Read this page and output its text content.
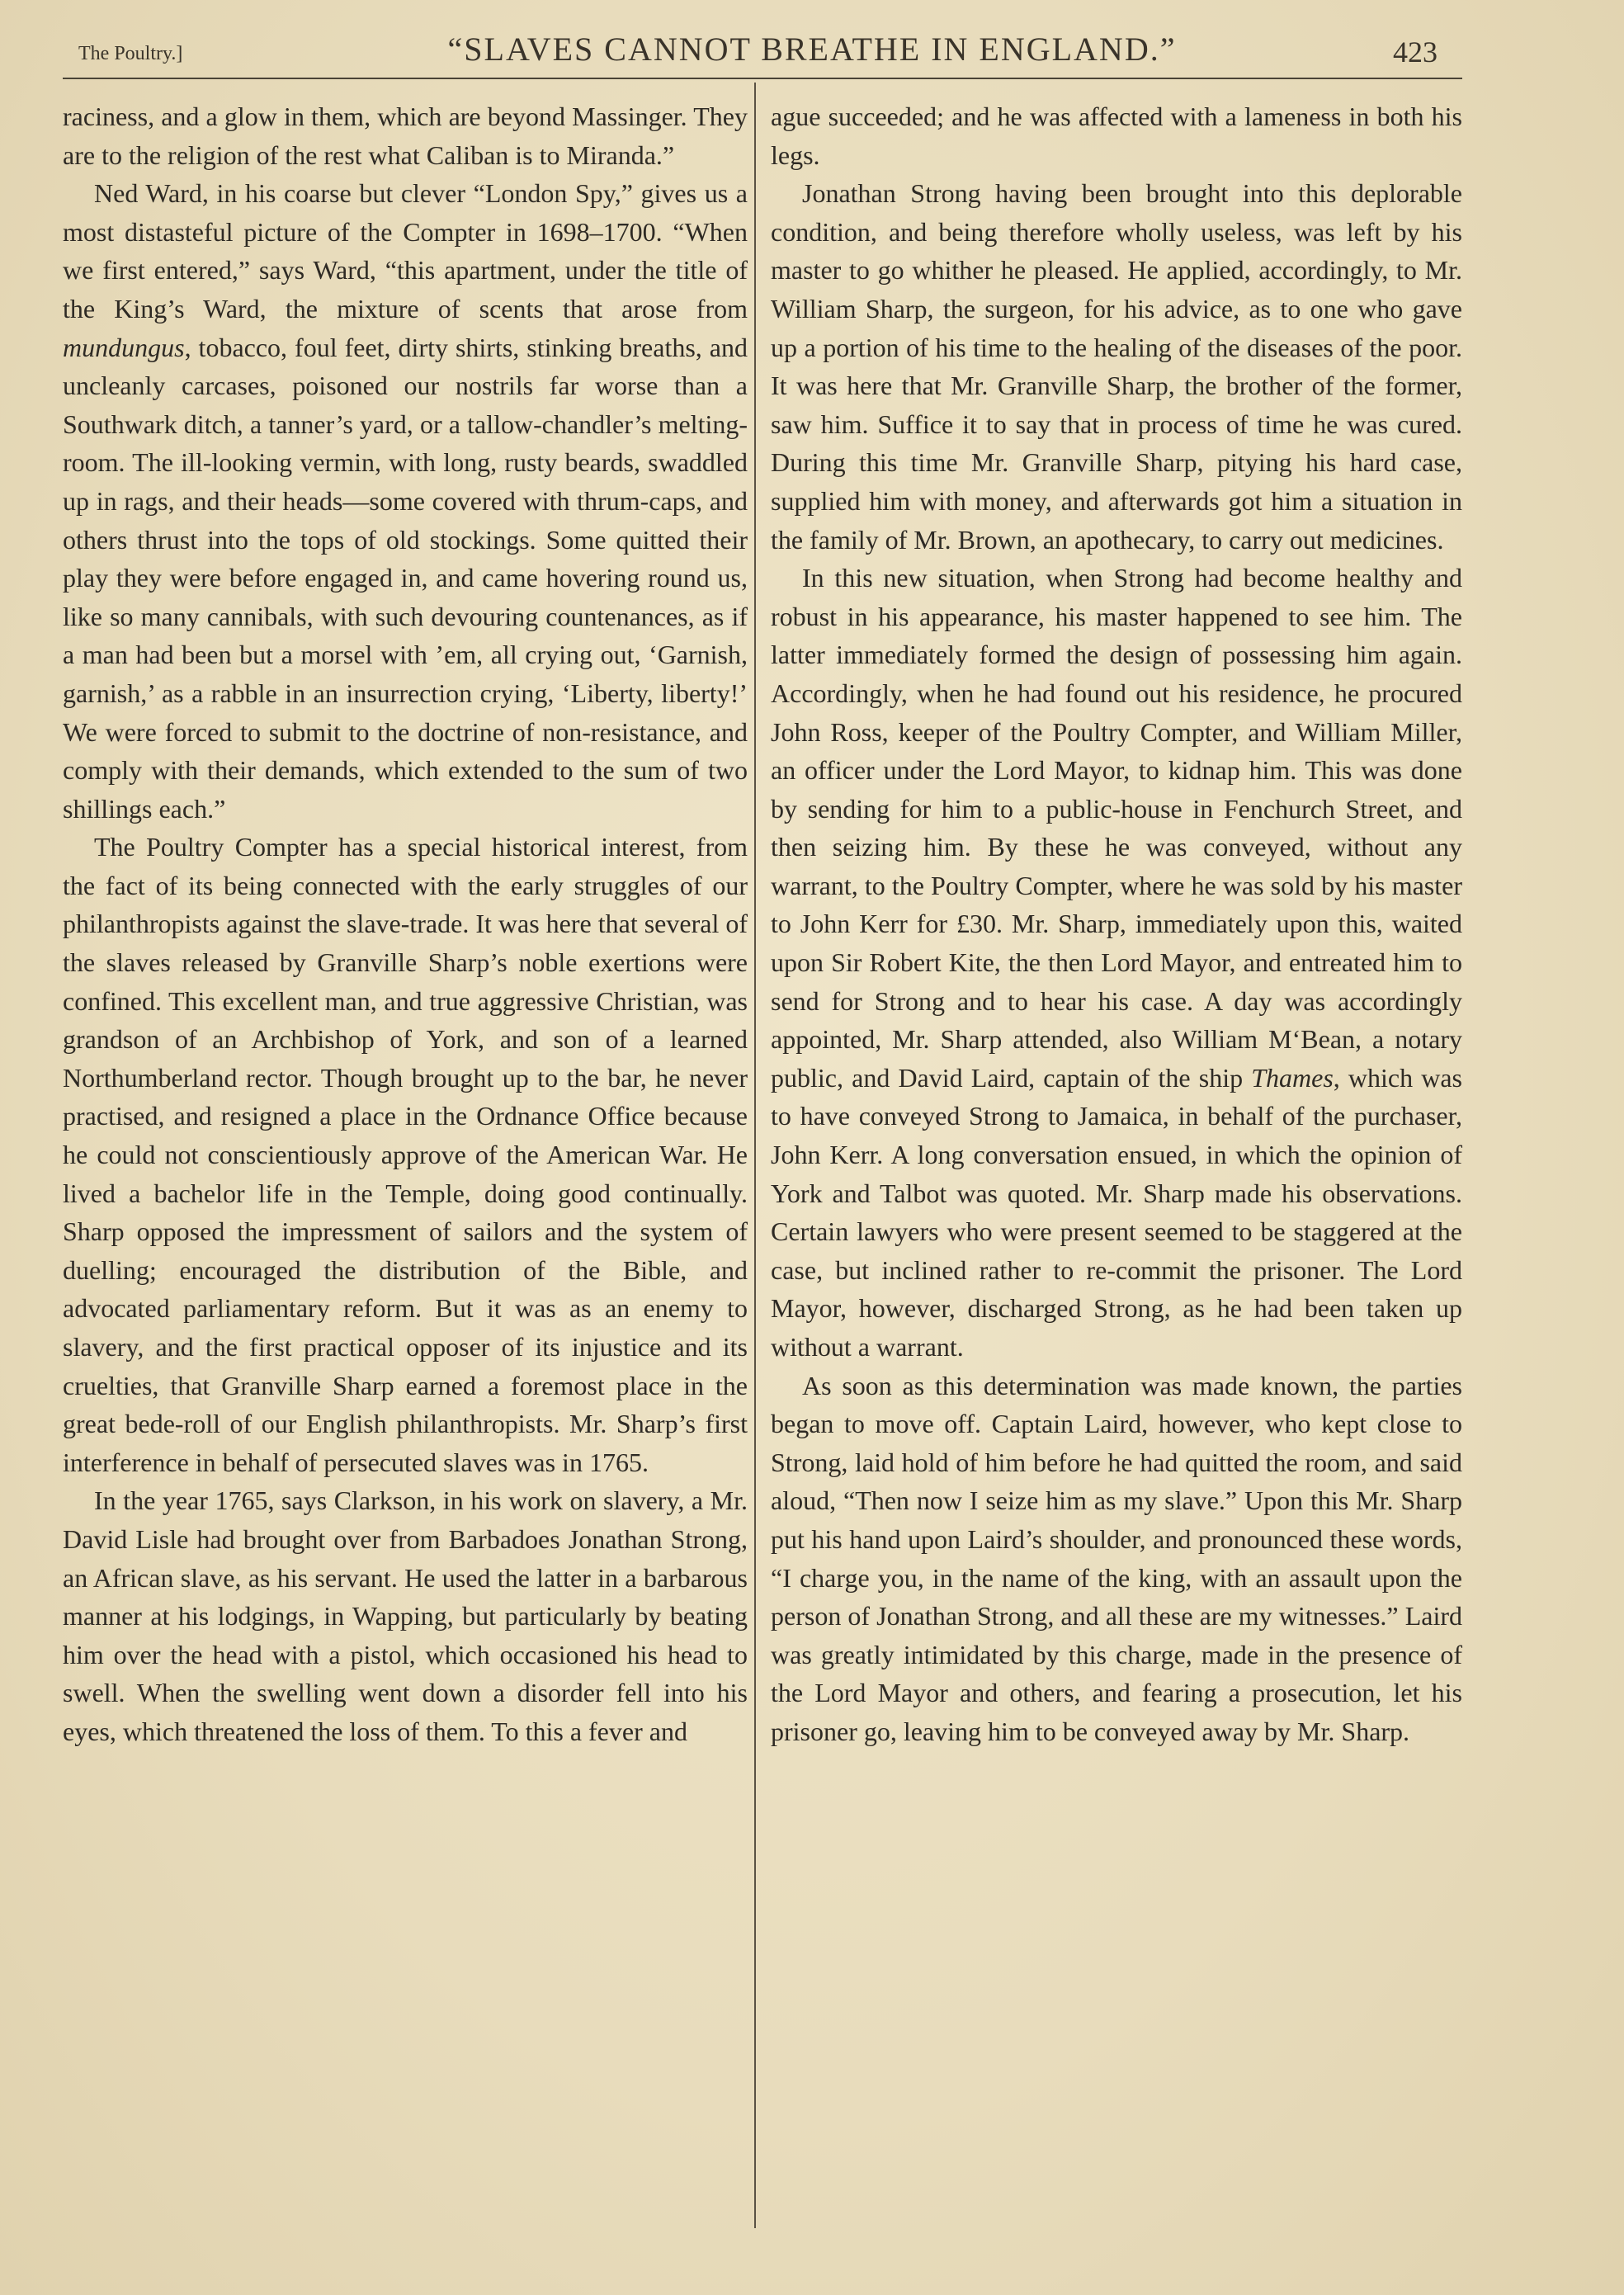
The Poultry.]	“SLAVES CANNOT BREATHE IN ENGLAND.”	423

raciness, and a glow in them, which are beyond Massinger. They are to the religion of the rest what Caliban is to Miranda.”

Ned Ward, in his coarse but clever “London Spy,” gives us a most distasteful picture of the Compter in 1698–1700. “When we first entered,” says Ward, “this apartment, under the title of the King’s Ward, the mixture of scents that arose from mundungus, tobacco, foul feet, dirty shirts, stinking breaths, and uncleanly carcases, poisoned our nostrils far worse than a Southwark ditch, a tanner’s yard, or a tallow-chandler’s melting-room. The ill-looking vermin, with long, rusty beards, swaddled up in rags, and their heads—some covered with thrum-caps, and others thrust into the tops of old stockings. Some quitted their play they were before engaged in, and came hovering round us, like so many cannibals, with such devouring countenances, as if a man had been but a morsel with ’em, all crying out, ‘Garnish, garnish,’ as a rabble in an insurrection crying, ‘Liberty, liberty!’ We were forced to submit to the doctrine of non-resistance, and comply with their demands, which extended to the sum of two shillings each.”

The Poultry Compter has a special historical interest, from the fact of its being connected with the early struggles of our philanthropists against the slave-trade. It was here that several of the slaves released by Granville Sharp’s noble exertions were confined. This excellent man, and true aggressive Christian, was grandson of an Archbishop of York, and son of a learned Northumberland rector. Though brought up to the bar, he never practised, and resigned a place in the Ordnance Office because he could not conscientiously approve of the American War. He lived a bachelor life in the Temple, doing good continually. Sharp opposed the impressment of sailors and the system of duelling; encouraged the distribution of the Bible, and advocated parliamentary reform. But it was as an enemy to slavery, and the first practical opposer of its injustice and its cruelties, that Granville Sharp earned a foremost place in the great bede-roll of our English philanthropists. Mr. Sharp’s first interference in behalf of persecuted slaves was in 1765.

In the year 1765, says Clarkson, in his work on slavery, a Mr. David Lisle had brought over from Barbadoes Jonathan Strong, an African slave, as his servant. He used the latter in a barbarous manner at his lodgings, in Wapping, but particularly by beating him over the head with a pistol, which occasioned his head to swell. When the swelling went down a disorder fell into his eyes, which threatened the loss of them. To this a fever and

ague succeeded; and he was affected with a lameness in both his legs.

Jonathan Strong having been brought into this deplorable condition, and being therefore wholly useless, was left by his master to go whither he pleased. He applied, accordingly, to Mr. William Sharp, the surgeon, for his advice, as to one who gave up a portion of his time to the healing of the diseases of the poor. It was here that Mr. Granville Sharp, the brother of the former, saw him. Suffice it to say that in process of time he was cured. During this time Mr. Granville Sharp, pitying his hard case, supplied him with money, and afterwards got him a situation in the family of Mr. Brown, an apothecary, to carry out medicines.

In this new situation, when Strong had become healthy and robust in his appearance, his master happened to see him. The latter immediately formed the design of possessing him again. Accordingly, when he had found out his residence, he procured John Ross, keeper of the Poultry Compter, and William Miller, an officer under the Lord Mayor, to kidnap him. This was done by sending for him to a public-house in Fenchurch Street, and then seizing him. By these he was conveyed, without any warrant, to the Poultry Compter, where he was sold by his master to John Kerr for £30. Mr. Sharp, immediately upon this, waited upon Sir Robert Kite, the then Lord Mayor, and entreated him to send for Strong and to hear his case. A day was accordingly appointed, Mr. Sharp attended, also William M‘Bean, a notary public, and David Laird, captain of the ship Thames, which was to have conveyed Strong to Jamaica, in behalf of the purchaser, John Kerr. A long conversation ensued, in which the opinion of York and Talbot was quoted. Mr. Sharp made his observations. Certain lawyers who were present seemed to be staggered at the case, but inclined rather to re-commit the prisoner. The Lord Mayor, however, discharged Strong, as he had been taken up without a warrant.

As soon as this determination was made known, the parties began to move off. Captain Laird, however, who kept close to Strong, laid hold of him before he had quitted the room, and said aloud, “Then now I seize him as my slave.” Upon this Mr. Sharp put his hand upon Laird’s shoulder, and pronounced these words, “I charge you, in the name of the king, with an assault upon the person of Jonathan Strong, and all these are my witnesses.” Laird was greatly intimidated by this charge, made in the presence of the Lord Mayor and others, and fearing a prosecution, let his prisoner go, leaving him to be conveyed away by Mr. Sharp.
